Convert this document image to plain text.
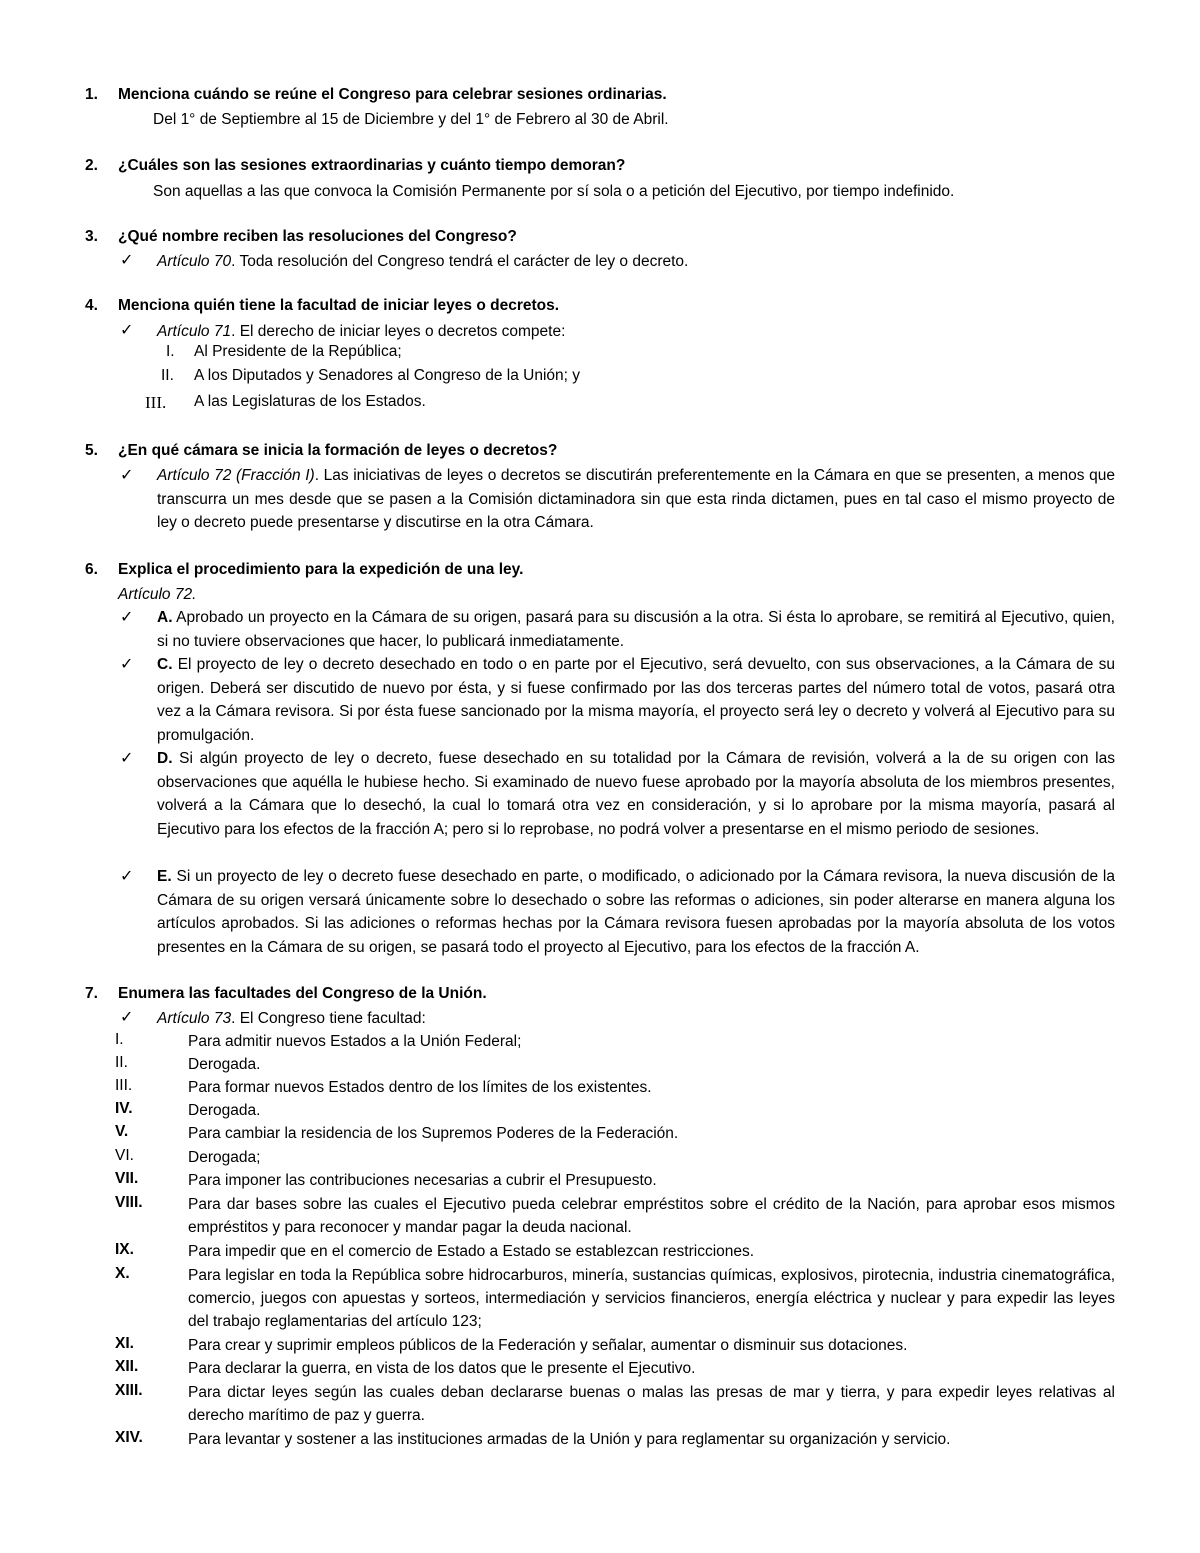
1. Menciona cuándo se reúne el Congreso para celebrar sesiones ordinarias.
Del 1° de Septiembre al 15 de Diciembre y del 1° de Febrero al 30 de Abril.
2. ¿Cuáles son las sesiones extraordinarias y cuánto tiempo demoran?
Son aquellas a las que convoca la Comisión Permanente por sí sola o a petición del Ejecutivo, por tiempo indefinido.
3. ¿Qué nombre reciben las resoluciones del Congreso?
✓ Artículo 70. Toda resolución del Congreso tendrá el carácter de ley o decreto.
4. Menciona quién tiene la facultad de iniciar leyes o decretos.
✓ Artículo 71. El derecho de iniciar leyes o decretos compete:
I. Al Presidente de la República;
II. A los Diputados y Senadores al Congreso de la Unión; y
III. A las Legislaturas de los Estados.
5. ¿En qué cámara se inicia la formación de leyes o decretos?
✓ Artículo 72 (Fracción I). Las iniciativas de leyes o decretos se discutirán preferentemente en la Cámara en que se presenten, a menos que transcurra un mes desde que se pasen a la Comisión dictaminadora sin que esta rinda dictamen, pues en tal caso el mismo proyecto de ley o decreto puede presentarse y discutirse en la otra Cámara.
6. Explica el procedimiento para la expedición de una ley.
Artículo 72.
✓ A. Aprobado un proyecto en la Cámara de su origen, pasará para su discusión a la otra. Si ésta lo aprobare, se remitirá al Ejecutivo, quien, si no tuviere observaciones que hacer, lo publicará inmediatamente.
✓ C. El proyecto de ley o decreto desechado en todo o en parte por el Ejecutivo, será devuelto, con sus observaciones, a la Cámara de su origen. Deberá ser discutido de nuevo por ésta, y si fuese confirmado por las dos terceras partes del número total de votos, pasará otra vez a la Cámara revisora. Si por ésta fuese sancionado por la misma mayoría, el proyecto será ley o decreto y volverá al Ejecutivo para su promulgación.
✓ D. Si algún proyecto de ley o decreto, fuese desechado en su totalidad por la Cámara de revisión, volverá a la de su origen con las observaciones que aquélla le hubiese hecho. Si examinado de nuevo fuese aprobado por la mayoría absoluta de los miembros presentes, volverá a la Cámara que lo desechó, la cual lo tomará otra vez en consideración, y si lo aprobare por la misma mayoría, pasará al Ejecutivo para los efectos de la fracción A; pero si lo reprobase, no podrá volver a presentarse en el mismo periodo de sesiones.
✓ E. Si un proyecto de ley o decreto fuese desechado en parte, o modificado, o adicionado por la Cámara revisora, la nueva discusión de la Cámara de su origen versará únicamente sobre lo desechado o sobre las reformas o adiciones, sin poder alterarse en manera alguna los artículos aprobados. Si las adiciones o reformas hechas por la Cámara revisora fuesen aprobadas por la mayoría absoluta de los votos presentes en la Cámara de su origen, se pasará todo el proyecto al Ejecutivo, para los efectos de la fracción A.
7. Enumera las facultades del Congreso de la Unión.
✓ Artículo 73. El Congreso tiene facultad:
I.	Para admitir nuevos Estados a la Unión Federal;
II.	Derogada.
III.	Para formar nuevos Estados dentro de los límites de los existentes.
IV.	Derogada.
V.	Para cambiar la residencia de los Supremos Poderes de la Federación.
VI.	Derogada;
VII.	Para imponer las contribuciones necesarias a cubrir el Presupuesto.
VIII.	Para dar bases sobre las cuales el Ejecutivo pueda celebrar empréstitos sobre el crédito de la Nación, para aprobar esos mismos empréstitos y para reconocer y mandar pagar la deuda nacional.
IX.	Para impedir que en el comercio de Estado a Estado se establezcan restricciones.
X.	Para legislar en toda la República sobre hidrocarburos, minería, sustancias químicas, explosivos, pirotecnia, industria cinematográfica, comercio, juegos con apuestas y sorteos, intermediación y servicios financieros, energía eléctrica y nuclear y para expedir las leyes del trabajo reglamentarias del artículo 123;
XI.	Para crear y suprimir empleos públicos de la Federación y señalar, aumentar o disminuir sus dotaciones.
XII.	Para declarar la guerra, en vista de los datos que le presente el Ejecutivo.
XIII.	Para dictar leyes según las cuales deban declararse buenas o malas las presas de mar y tierra, y para expedir leyes relativas al derecho marítimo de paz y guerra.
XIV.	Para levantar y sostener a las instituciones armadas de la Unión y para reglamentar su organización y servicio.
